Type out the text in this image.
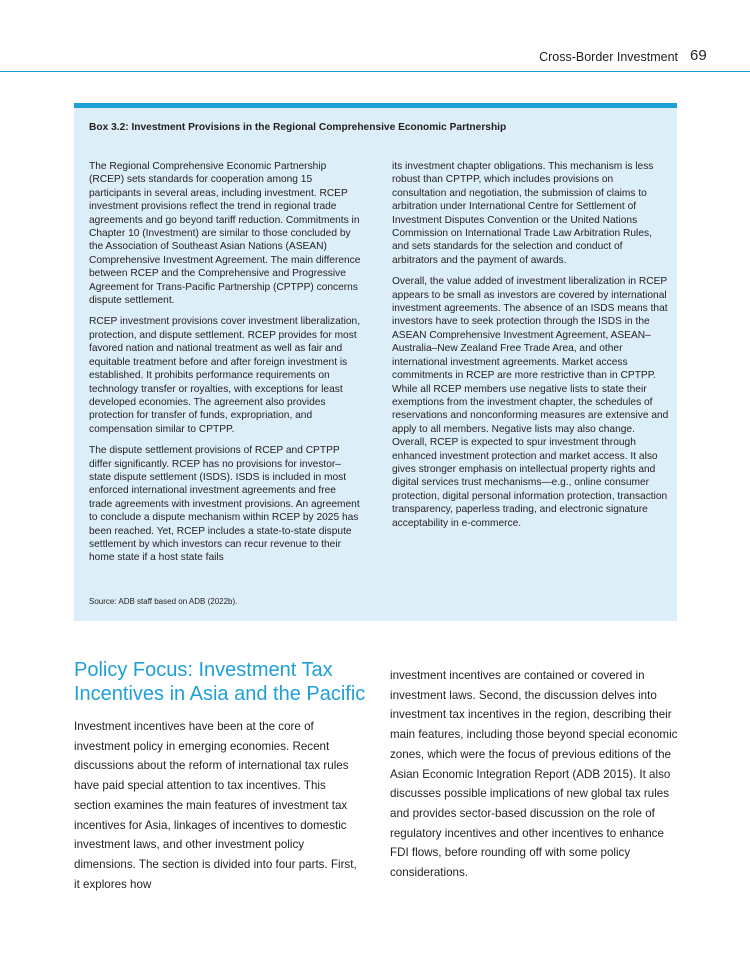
Cross-Border Investment 69
Box 3.2: Investment Provisions in the Regional Comprehensive Economic Partnership

The Regional Comprehensive Economic Partnership (RCEP) sets standards for cooperation among 15 participants in several areas, including investment. RCEP investment provisions reflect the trend in regional trade agreements and go beyond tariff reduction. Commitments in Chapter 10 (Investment) are similar to those concluded by the Association of Southeast Asian Nations (ASEAN) Comprehensive Investment Agreement. The main difference between RCEP and the Comprehensive and Progressive Agreement for Trans-Pacific Partnership (CPTPP) concerns dispute settlement.

RCEP investment provisions cover investment liberalization, protection, and dispute settlement. RCEP provides for most favored nation and national treatment as well as fair and equitable treatment before and after foreign investment is established. It prohibits performance requirements on technology transfer or royalties, with exceptions for least developed economies. The agreement also provides protection for transfer of funds, expropriation, and compensation similar to CPTPP.

The dispute settlement provisions of RCEP and CPTPP differ significantly. RCEP has no provisions for investor–state dispute settlement (ISDS). ISDS is included in most enforced international investment agreements and free trade agreements with investment provisions. An agreement to conclude a dispute mechanism within RCEP by 2025 has been reached. Yet, RCEP includes a state-to-state dispute settlement by which investors can recur revenue to their home state if a host state fails

its investment chapter obligations. This mechanism is less robust than CPTPP, which includes provisions on consultation and negotiation, the submission of claims to arbitration under International Centre for Settlement of Investment Disputes Convention or the United Nations Commission on International Trade Law Arbitration Rules, and sets standards for the selection and conduct of arbitrators and the payment of awards.

Overall, the value added of investment liberalization in RCEP appears to be small as investors are covered by international investment agreements. The absence of an ISDS means that investors have to seek protection through the ISDS in the ASEAN Comprehensive Investment Agreement, ASEAN–Australia–New Zealand Free Trade Area, and other international investment agreements. Market access commitments in RCEP are more restrictive than in CPTPP. While all RCEP members use negative lists to state their exemptions from the investment chapter, the schedules of reservations and nonconforming measures are extensive and apply to all members. Negative lists may also change. Overall, RCEP is expected to spur investment through enhanced investment protection and market access. It also gives stronger emphasis on intellectual property rights and digital services trust mechanisms—e.g., online consumer protection, digital personal information protection, transaction transparency, paperless trading, and electronic signature acceptability in e-commerce.

Source: ADB staff based on ADB (2022b).
Policy Focus: Investment Tax Incentives in Asia and the Pacific

Investment incentives have been at the core of investment policy in emerging economies. Recent discussions about the reform of international tax rules have paid special attention to tax incentives. This section examines the main features of investment tax incentives for Asia, linkages of incentives to domestic investment laws, and other investment policy dimensions. The section is divided into four parts. First, it explores how

investment incentives are contained or covered in investment laws. Second, the discussion delves into investment tax incentives in the region, describing their main features, including those beyond special economic zones, which were the focus of previous editions of the Asian Economic Integration Report (ADB 2015). It also discusses possible implications of new global tax rules and provides sector-based discussion on the role of regulatory incentives and other incentives to enhance FDI flows, before rounding off with some policy considerations.
